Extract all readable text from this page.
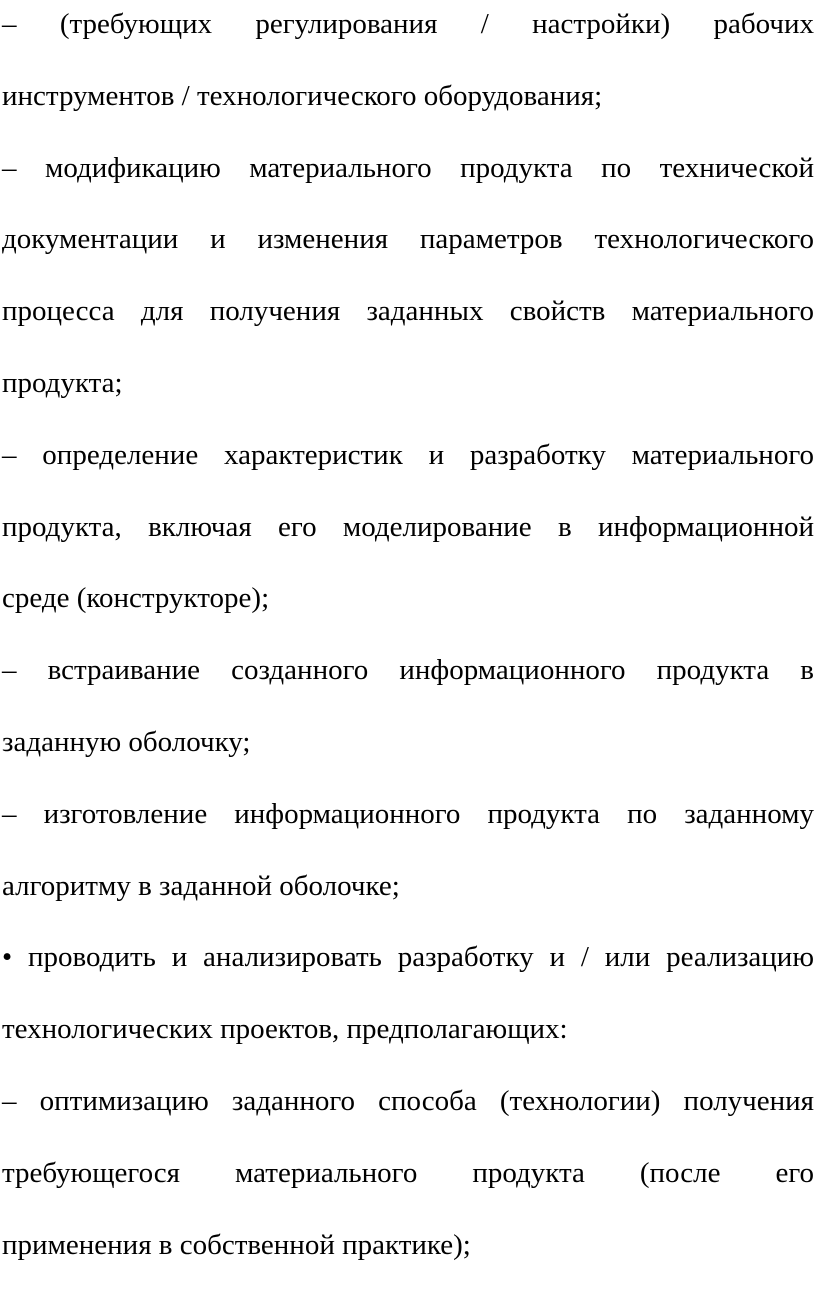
– (требующих регулирования / настройки) рабочих
инструментов / технологического оборудования;
– модификацию материального продукта по технической
документации и изменения параметров технологического
процесса для получения заданных свойств материального
продукта;
– определение характеристик и разработку материального
продукта, включая его моделирование в информационной
среде (конструкторе);
– встраивание созданного информационного продукта в
заданную оболочку;
– изготовление информационного продукта по заданному
алгоритму в заданной оболочке;
• проводить и анализировать разработку и / или реализацию
технологических проектов, предполагающих:
– оптимизацию заданного способа (технологии) получения
требующегося материального продукта (после его
применения в собственной практике);
